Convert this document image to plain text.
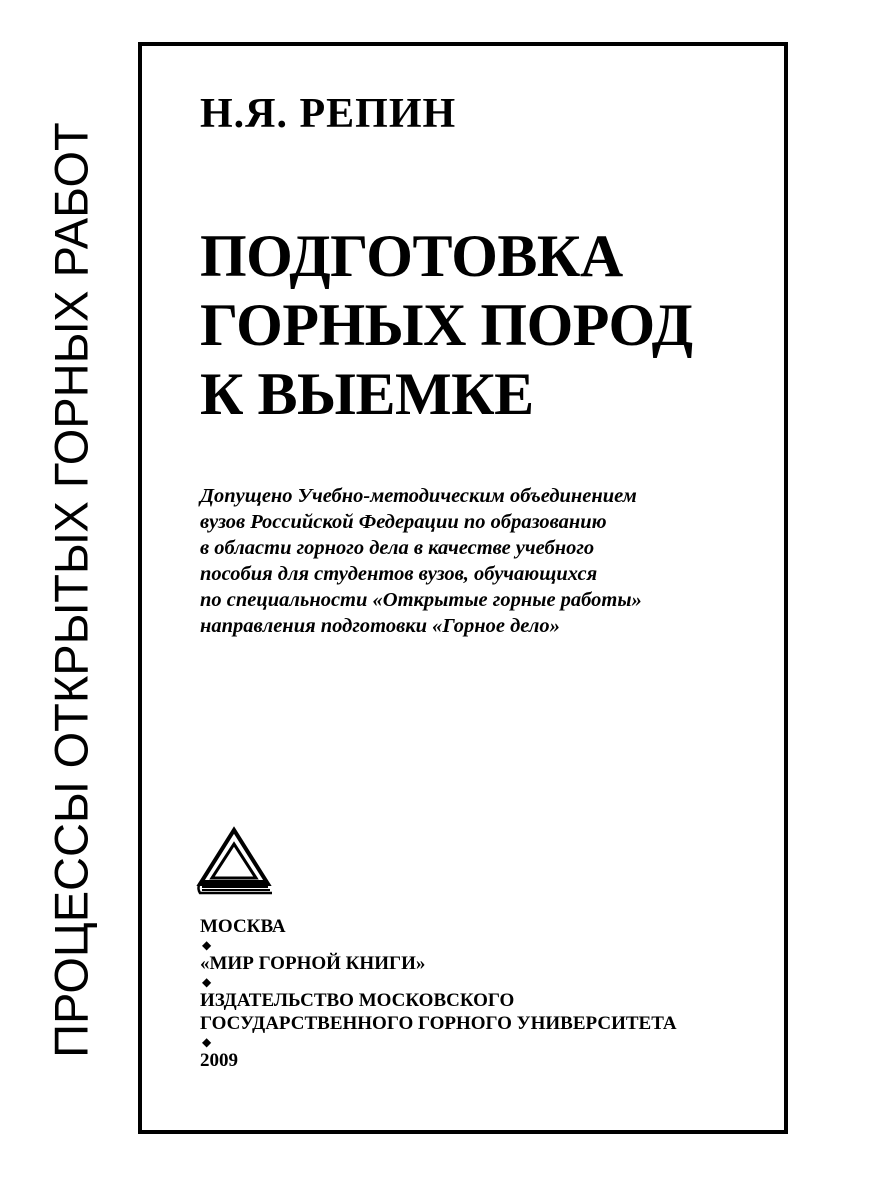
ПРОЦЕССЫ ОТКРЫТЫХ ГОРНЫХ РАБОТ
Н.Я. РЕПИН
ПОДГОТОВКА
ГОРНЫХ ПОРОД
К ВЫЕМКЕ
Допущено Учебно-методическим объединением
вузов Российской Федерации по образованию
в области горного дела в качестве учебного
пособия для студентов вузов, обучающихся
по специальности «Открытые горные работы»
направления подготовки «Горное дело»
МОСКВА
◆
«МИР ГОРНОЙ КНИГИ»
◆
ИЗДАТЕЛЬСТВО МОСКОВСКОГО
ГОСУДАРСТВЕННОГО ГОРНОГО УНИВЕРСИТЕТА
◆
2009
